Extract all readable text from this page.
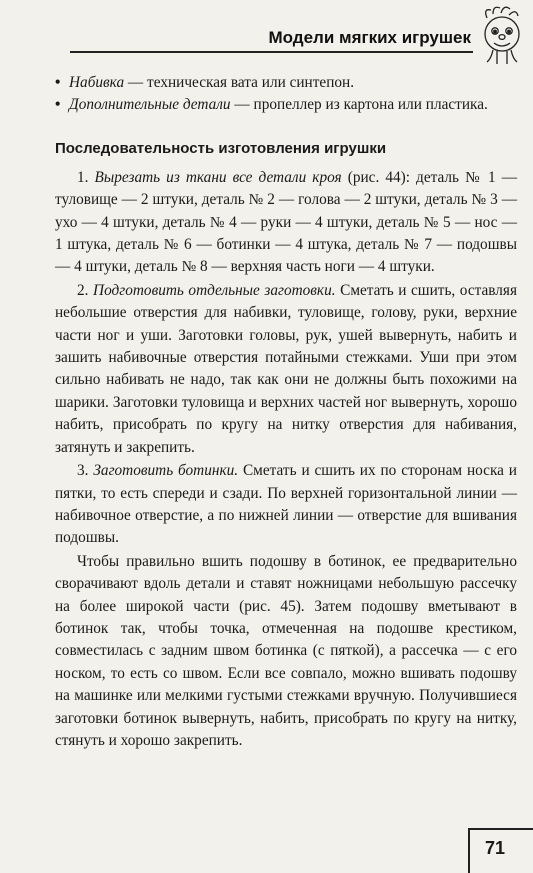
Модели мягких игрушек
• Набивка — техническая вата или синтепон.
• Дополнительные детали — пропеллер из картона или пластика.
Последовательность изготовления игрушки

1. Вырезать из ткани все детали кроя (рис. 44): деталь № 1 — туловище — 2 штуки, деталь № 2 — голова — 2 штуки, деталь № 3 — ухо — 4 штуки, деталь № 4 — руки — 4 штуки, деталь № 5 — нос — 1 штука, деталь № 6 — ботинки — 4 штука, деталь № 7 — подошвы — 4 штуки, деталь № 8 — верхняя часть ноги — 4 штуки.

2. Подготовить отдельные заготовки. Сметать и сшить, оставляя небольшие отверстия для набивки, туловище, голову, руки, верхние части ног и уши. Заготовки головы, рук, ушей вывернуть, набить и зашить набивочные отверстия потайными стежками. Уши при этом сильно набивать не надо, так как они не должны быть похожими на шарики. Заготовки туловища и верхних частей ног вывернуть, хорошо набить, присобрать по кругу на нитку отверстия для набивания, затянуть и закрепить.

3. Заготовить ботинки. Сметать и сшить их по сторонам носка и пятки, то есть спереди и сзади. По верхней горизонтальной линии — набивочное отверстие, а по нижней линии — отверстие для вшивания подошвы.

Чтобы правильно вшить подошву в ботинок, ее предварительно сворачивают вдоль детали и ставят ножницами небольшую рассечку на более широкой части (рис. 45). Затем подошву вметывают в ботинок так, чтобы точка, отмеченная на подошве крестиком, совместилась с задним швом ботинка (с пяткой), а рассечка — с его носком, то есть со швом. Если все совпало, можно вшивать подошву на машинке или мелкими густыми стежками вручную. Получившиеся заготовки ботинок вывернуть, набить, присобрать по кругу на нитку, стянуть и хорошо закрепить.

71
